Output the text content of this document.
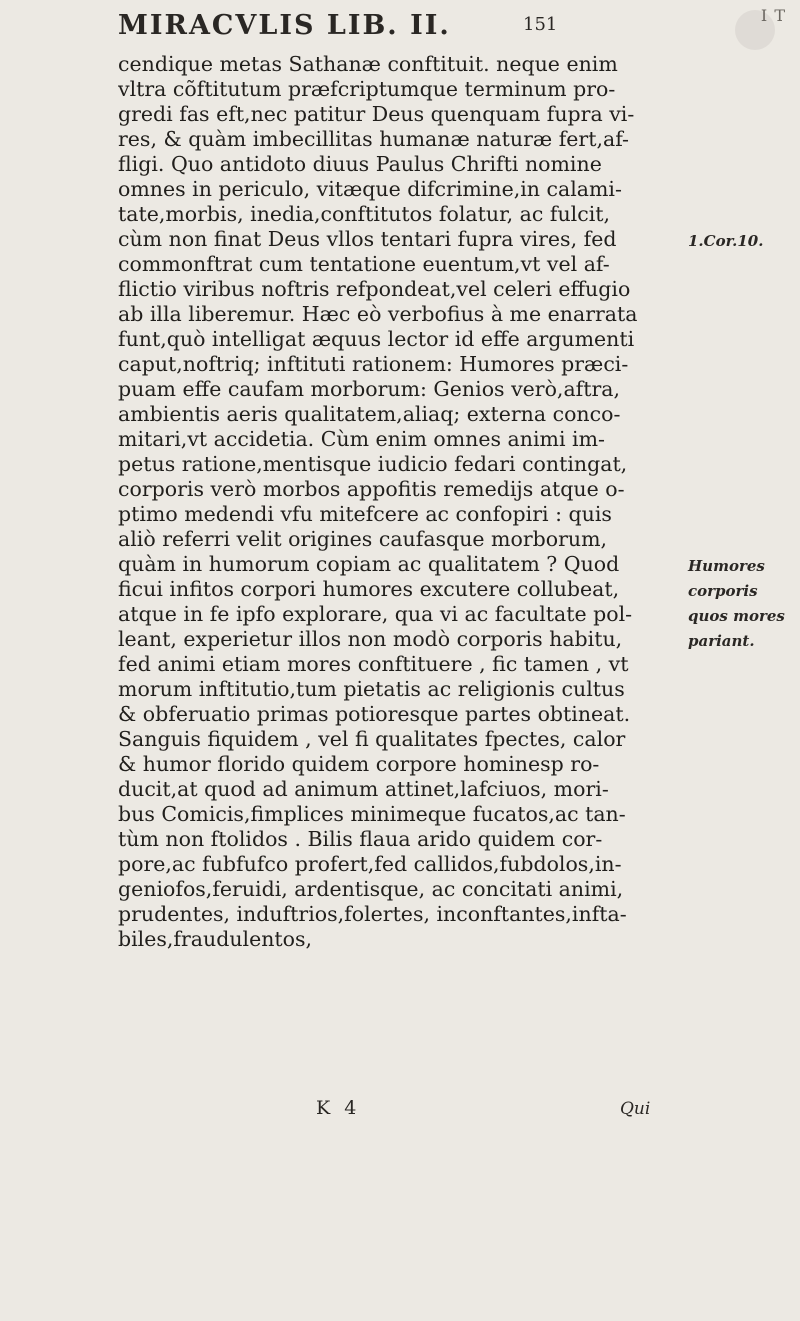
MIRACVLIS LIB. II.	151	I T
cendique metas Sathanæ conftituit. neque enim
vltra cõftitutum præfcriptumque terminum pro-
gredi fas eft,nec patitur Deus quenquam fupra vi-
res, & quàm imbecillitas humanæ naturæ fert,af-
fligi. Quo antidoto diuus Paulus Chrifti nomine
omnes in periculo, vitæque difcrimine,in calami-
tate,morbis, inedia,conftitutos folatur, ac fulcit,
cùm non finat Deus vllos tentari fupra vires, fed
commonftrat cum tentatione euentum,vt vel af-
flictio viribus noftris refpondeat,vel celeri effugio
ab illa liberemur. Hæc eò verbofius à me enarrata
funt,quò intelligat æquus lector id effe argumenti
caput,noftriq; inftituti rationem: Humores præci-
puam effe caufam morborum: Genios verò,aftra,
ambientis aeris qualitatem,aliaq; externa conco-
mitari,vt accidetia. Cùm enim omnes animi im-
petus ratione,mentisque iudicio fedari contingat,
corporis verò morbos appofitis remedijs atque o-
ptimo medendi vfu mitefcere ac confopiri : quis
aliò referri velit origines caufasque morborum,
quàm in humorum copiam ac qualitatem ? Quod
ficui infitos corpori humores excutere collubeat,
atque in fe ipfo explorare, qua vi ac facultate pol-
leant, experietur illos non modò corporis habitu,
fed animi etiam mores conftituere , fic tamen , vt
morum inftitutio,tum pietatis ac religionis cultus
& obferuatio primas potioresque partes obtineat.
Sanguis fiquidem , vel fi qualitates fpectes, calor
& humor florido quidem corpore hominesp ro-
ducit,at quod ad animum attinet,lafciuos, mori-
bus Comicis,fimplices minimeque fucatos,ac tan-
tùm non ftolidos . Bilis flaua arido quidem cor-
pore,ac fubfufco profert,fed callidos,fubdolos,in-
geniofos,feruidi, ardentisque, ac concitati animi,
prudentes, induftrios,folertes, inconftantes,infta-
biles,fraudulentos,
1.Cor.10.
Humores
corporis
quos mores
pariant.
K 4	Qui
